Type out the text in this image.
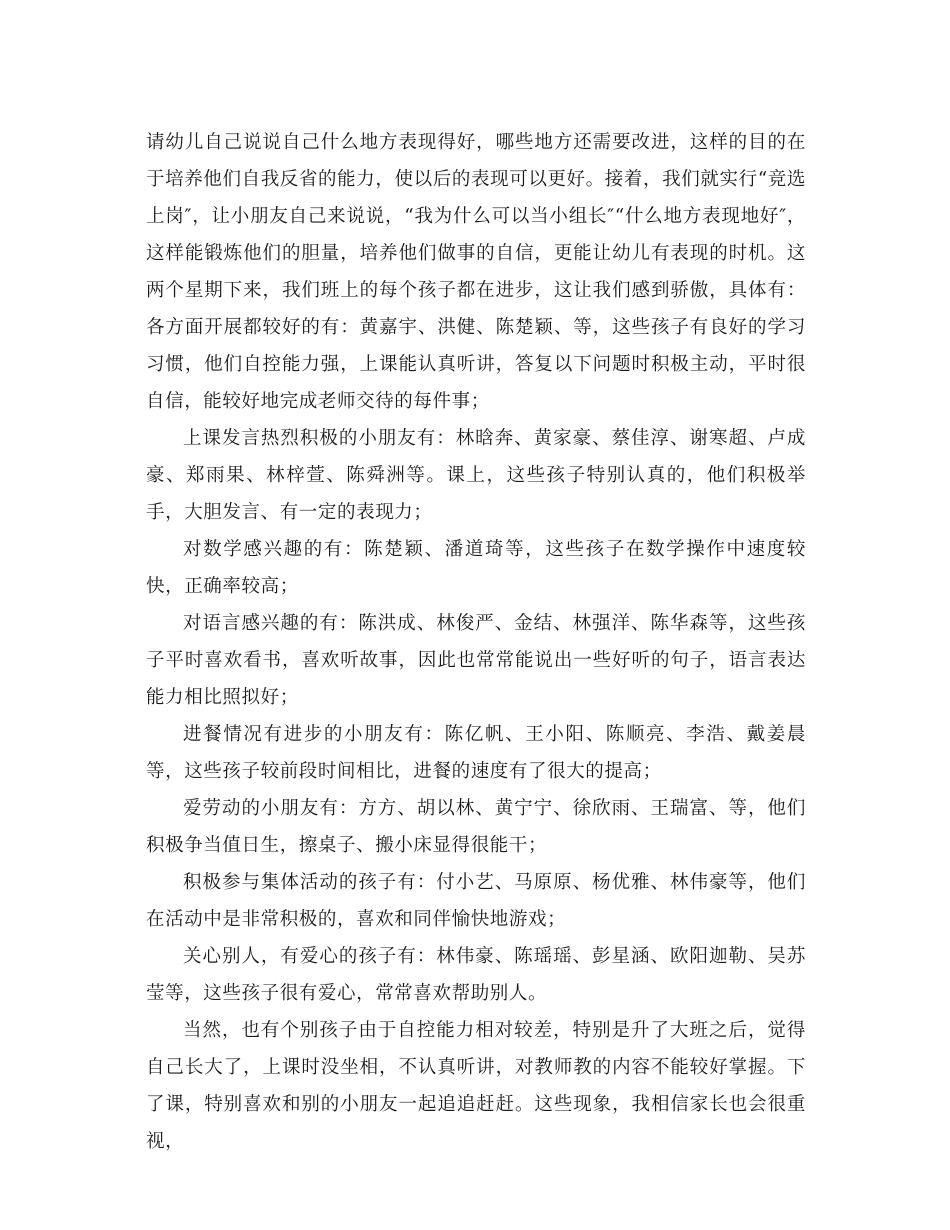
请幼儿自己说说自己什么地方表现得好，哪些地方还需要改进，这样的目的在于培养他们自我反省的能力，使以后的表现可以更好。接着，我们就实行“竞选上岗″，让小朋友自己来说说，“我为什么可以当小组长″“什么地方表现地好″，这样能锻炼他们的胆量，培养他们做事的自信，更能让幼儿有表现的时机。这两个星期下来，我们班上的每个孩子都在进步，这让我们感到骄傲，具体有：各方面开展都较好的有：黄嘉宇、洪健、陈楚颖、等，这些孩子有良好的学习习惯，他们自控能力强，上课能认真听讲，答复以下问题时积极主动，平时很自信，能较好地完成老师交待的每件事；

上课发言热烈积极的小朋友有：林晗奔、黄家豪、蔡佳淳、谢寒超、卢成豪、郑雨果、林梓萱、陈舜洲等。课上，这些孩子特别认真的，他们积极举手，大胆发言、有一定的表现力；

对数学感兴趣的有：陈楚颖、潘道琦等，这些孩子在数学操作中速度较快，正确率较高；

对语言感兴趣的有：陈洪成、林俊严、金结、林强洋、陈华森等，这些孩子平时喜欢看书，喜欢听故事，因此也常常能说出一些好听的句子，语言表达能力相比照拟好；

进餐情况有进步的小朋友有：陈亿帆、王小阳、陈顺亮、李浩、戴姜晨等，这些孩子较前段时间相比，进餐的速度有了很大的提高；

爱劳动的小朋友有：方方、胡以林、黄宁宁、徐欣雨、王瑞富、等，他们积极争当值日生，擦桌子、搬小床显得很能干；

积极参与集体活动的孩子有：付小艺、马原原、杨优雅、林伟豪等，他们在活动中是非常积极的，喜欢和同伴愉快地游戏；

关心别人，有爱心的孩子有：林伟豪、陈瑶瑶、彭星涵、欧阳迦勒、吴苏莹等，这些孩子很有爱心，常常喜欢帮助别人。

当然，也有个别孩子由于自控能力相对较差，特别是升了大班之后，觉得自己长大了，上课时没坐相，不认真听讲，对教师教的内容不能较好掌握。下了课，特别喜欢和别的小朋友一起追追赶赶。这些现象，我相信家长也会很重视，
